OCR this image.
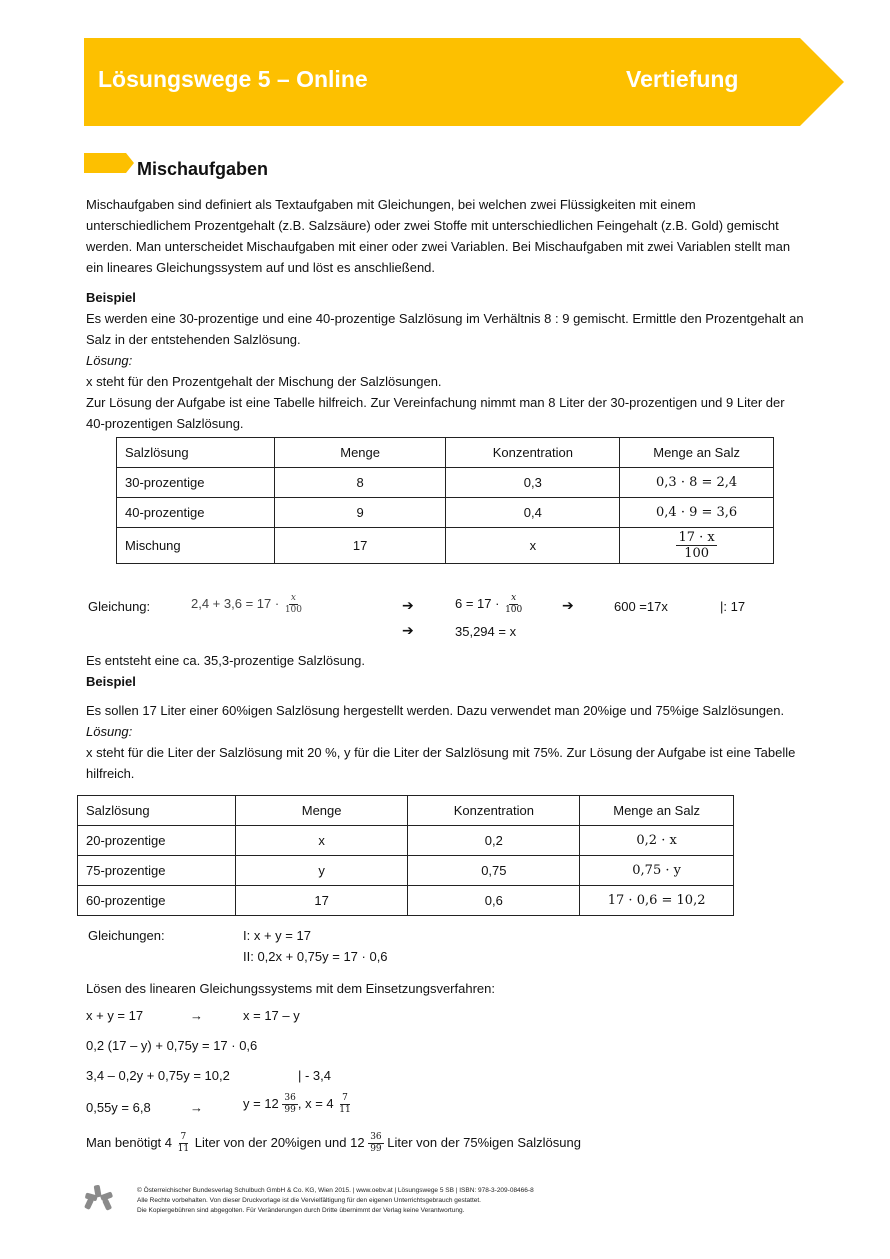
Lösungswege 5 – Online	Vertiefung
Mischaufgaben
Mischaufgaben sind definiert als Textaufgaben mit Gleichungen, bei welchen zwei Flüssigkeiten mit einem
unterschiedlichem Prozentgehalt (z.B. Salzsäure) oder zwei Stoffe mit unterschiedlichen Feingehalt (z.B. Gold) gemischt
werden. Man unterscheidet Mischaufgaben mit einer oder zwei Variablen. Bei Mischaufgaben mit zwei Variablen stellt man
ein lineares Gleichungssystem auf und löst es anschließend.
Beispiel
Es werden eine 30-prozentige und eine 40-prozentige Salzlösung im Verhältnis 8 : 9 gemischt. Ermittle den Prozentgehalt an
Salz in der entstehenden Salzlösung.
Lösung:
x steht für den Prozentgehalt der Mischung der Salzlösungen.
Zur Lösung der Aufgabe ist eine Tabelle hilfreich. Zur Vereinfachung nimmt man 8 Liter der 30-prozentigen und 9 Liter der
40-prozentigen Salzlösung.
Salzlösung	Menge	Konzentration	Menge an Salz
30-prozentige	8	0,3	0,3 · 8 = 2,4
40-prozentige	9	0,4	0,4 · 9 = 3,6
Mischung	17	x	$\frac{17 \cdot x}{100}$
Gleichung:	$2,4 + 3,6 = 17 \cdot \frac{x}{100}$	➔	$6 = 17 \cdot \frac{x}{100}$	➔	600 =17x	|: 17
➔	35,294 = x
Es entsteht eine ca. 35,3-prozentige Salzlösung.
Beispiel
Es sollen 17 Liter einer 60%igen Salzlösung hergestellt werden. Dazu verwendet man 20%ige und 75%ige Salzlösungen.
Lösung:
x steht für die Liter der Salzlösung mit 20 %, y für die Liter der Salzlösung mit 75%. Zur Lösung der Aufgabe ist eine Tabelle
hilfreich.
Salzlösung	Menge	Konzentration	Menge an Salz
20-prozentige	x	0,2	0,2 · x
75-prozentige	y	0,75	0,75 · y
60-prozentige	17	0,6	17 · 0,6 = 10,2
Gleichungen:	I: x + y = 17
II: 0,2x + 0,75y = 17 · 0,6
Lösen des linearen Gleichungssystems mit dem Einsetzungsverfahren:
x + y = 17	→	x = 17 – y
0,2 (17 – y) + 0,75y = 17 · 0,6
3,4 – 0,2y + 0,75y = 10,2	| - 3,4
0,55y = 6,8	→	$y = 12 \frac{36}{99}$ , $x = 4 \frac{7}{11}$
Man benötigt $4 \frac{7}{11}$ Liter von der 20%igen und $12 \frac{36}{99}$ Liter von der 75%igen Salzlösung
© Österreichischer Bundesverlag Schulbuch GmbH & Co. KG, Wien 2015. | www.oebv.at | Lösungswege 5 SB | ISBN: 978-3-209-08466-8
Alle Rechte vorbehalten. Von dieser Druckvorlage ist die Vervielfältigung für den eigenen Unterrichtsgebrauch gestattet.
Die Kopiergebühren sind abgegolten. Für Veränderungen durch Dritte übernimmt der Verlag keine Verantwortung.
